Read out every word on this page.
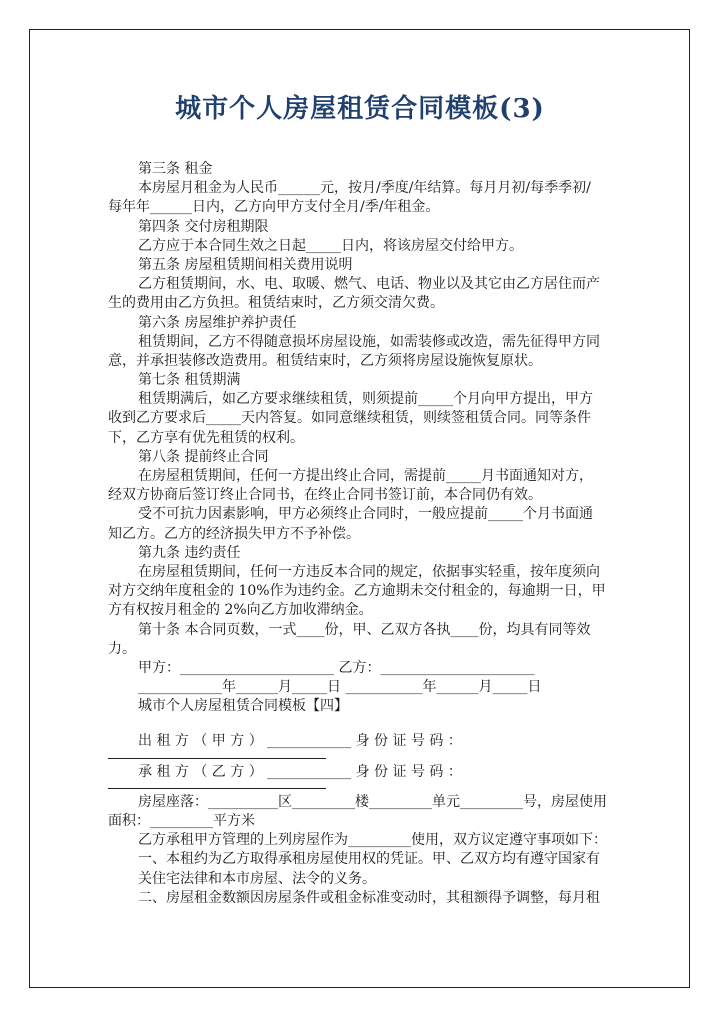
城市个人房屋租赁合同模板(3)
第三条 租金
本房屋月租金为人民币______元，按月/季度/年结算。每月月初/每季季初/
每年年______日内，乙方向甲方支付全月/季/年租金。
第四条 交付房租期限
乙方应于本合同生效之日起_____日内，将该房屋交付给甲方。
第五条 房屋租赁期间相关费用说明
乙方租赁期间，水、电、取暖、燃气、电话、物业以及其它由乙方居住而产
生的费用由乙方负担。租赁结束时，乙方须交清欠费。
第六条 房屋维护养护责任
租赁期间，乙方不得随意损坏房屋设施，如需装修或改造，需先征得甲方同
意，并承担装修改造费用。租赁结束时，乙方须将房屋设施恢复原状。
第七条 租赁期满
租赁期满后，如乙方要求继续租赁，则须提前_____个月向甲方提出，甲方
收到乙方要求后_____天内答复。如同意继续租赁，则续签租赁合同。同等条件
下，乙方享有优先租赁的权利。
第八条 提前终止合同
在房屋租赁期间，任何一方提出终止合同，需提前_____月书面通知对方，
经双方协商后签订终止合同书，在终止合同书签订前，本合同仍有效。
受不可抗力因素影响，甲方必须终止合同时，一般应提前_____个月书面通
知乙方。乙方的经济损失甲方不予补偿。
第九条 违约责任
在房屋租赁期间，任何一方违反本合同的规定，依据事实轻重，按年度须向
对方交纳年度租金的 10%作为违约金。乙方逾期未交付租金的，每逾期一日，甲
方有权按月租金的 2%向乙方加收滞纳金。
第十条 本合同页数，一式____份，甲、乙双方各执____份，均具有同等效
力。
甲方：______________________ 乙方：______________________
____________年______月_____日 ___________年______月_____日
城市个人房屋租赁合同模板【四】
出 租 方 （ 甲 方 ） ____________ 身 份 证 号 码 ：
承 租 方 （ 乙 方 ） ____________ 身 份 证 号 码 ：
房屋座落：__________区_________楼_________单元_________号，房屋使用
面积：_________平方米
乙方承租甲方管理的上列房屋作为_________使用，双方议定遵守事项如下：
一、本租约为乙方取得承租房屋使用权的凭证。甲、乙双方均有遵守国家有
关住宅法律和本市房屋、法令的义务。
二、房屋租金数额因房屋条件或租金标准变动时，其租额得予调整，每月租
